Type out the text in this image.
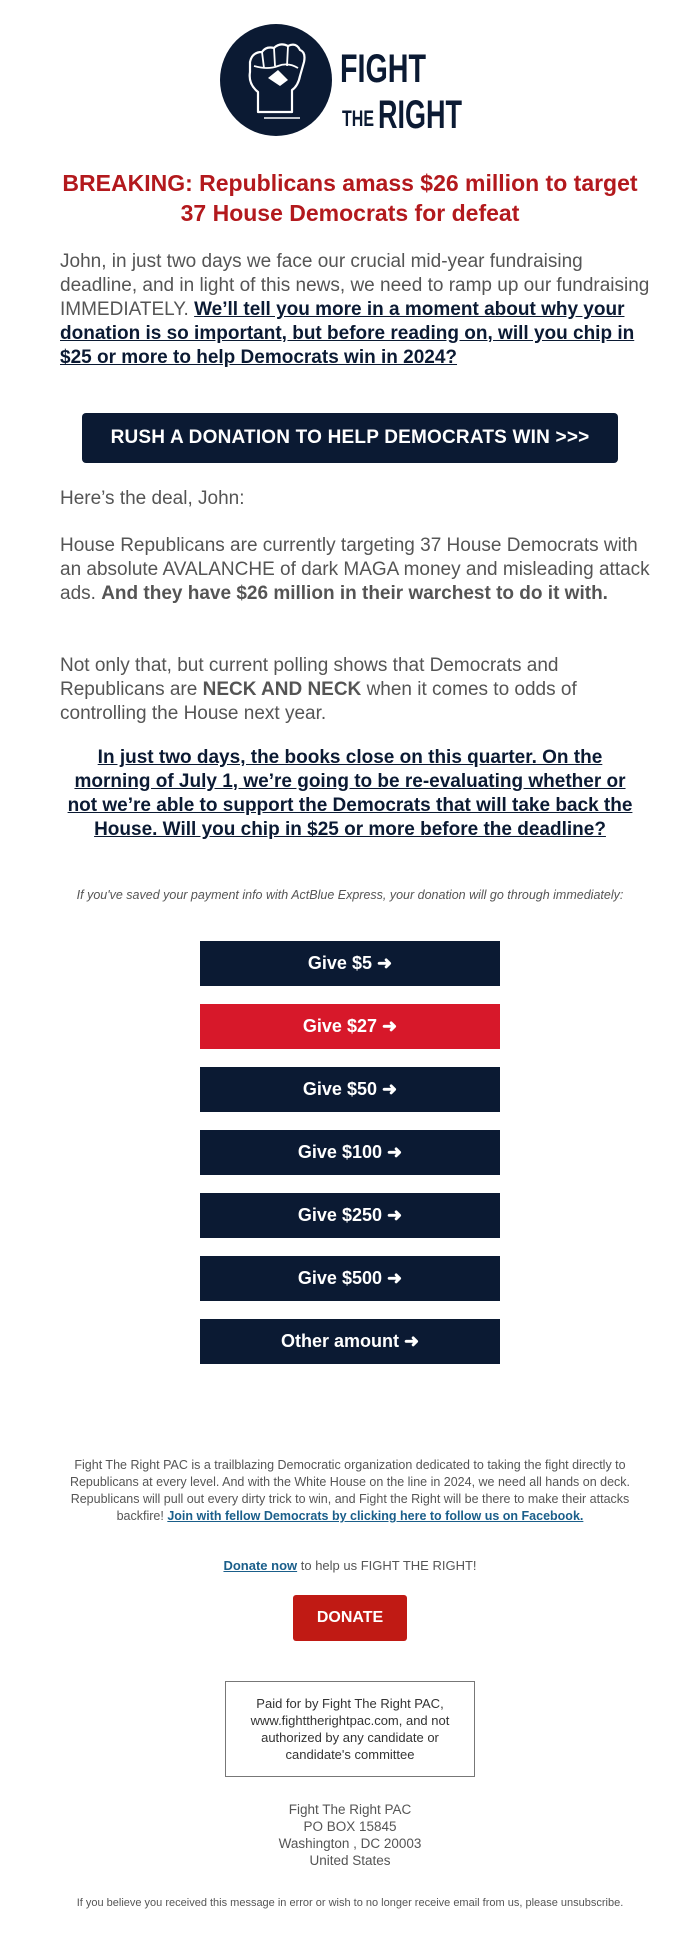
FIGHT
THE RIGHT
BREAKING: Republicans amass $26 million to target 37 House Democrats for defeat

John, in just two days we face our crucial mid-year fundraising deadline, and in light of this news, we need to ramp up our fundraising IMMEDIATELY. We’ll tell you more in a moment about why your donation is so important, but before reading on, will you chip in $25 or more to help Democrats win in 2024?

RUSH A DONATION TO HELP DEMOCRATS WIN >>>

Here’s the deal, John:

House Republicans are currently targeting 37 House Democrats with an absolute AVALANCHE of dark MAGA money and misleading attack ads. And they have $26 million in their warchest to do it with.

Not only that, but current polling shows that Democrats and Republicans are NECK AND NECK when it comes to odds of controlling the House next year.

In just two days, the books close on this quarter. On the morning of July 1, we’re going to be re-evaluating whether or not we’re able to support the Democrats that will take back the House. Will you chip in $25 or more before the deadline?

If you've saved your payment info with ActBlue Express, your donation will go through immediately:

Give $5 ➜
Give $27 ➜
Give $50 ➜
Give $100 ➜
Give $250 ➜
Give $500 ➜
Other amount ➜

Fight The Right PAC is a trailblazing Democratic organization dedicated to taking the fight directly to Republicans at every level. And with the White House on the line in 2024, we need all hands on deck. Republicans will pull out every dirty trick to win, and Fight the Right will be there to make their attacks backfire! Join with fellow Democrats by clicking here to follow us on Facebook.

Donate now to help us FIGHT THE RIGHT!

DONATE
Paid for by Fight The Right PAC, www.fighttherightpac.com, and not authorized by any candidate or candidate's committee
Fight The Right PAC
PO BOX 15845
Washington , DC 20003
United States

If you believe you received this message in error or wish to no longer receive email from us, please unsubscribe.
